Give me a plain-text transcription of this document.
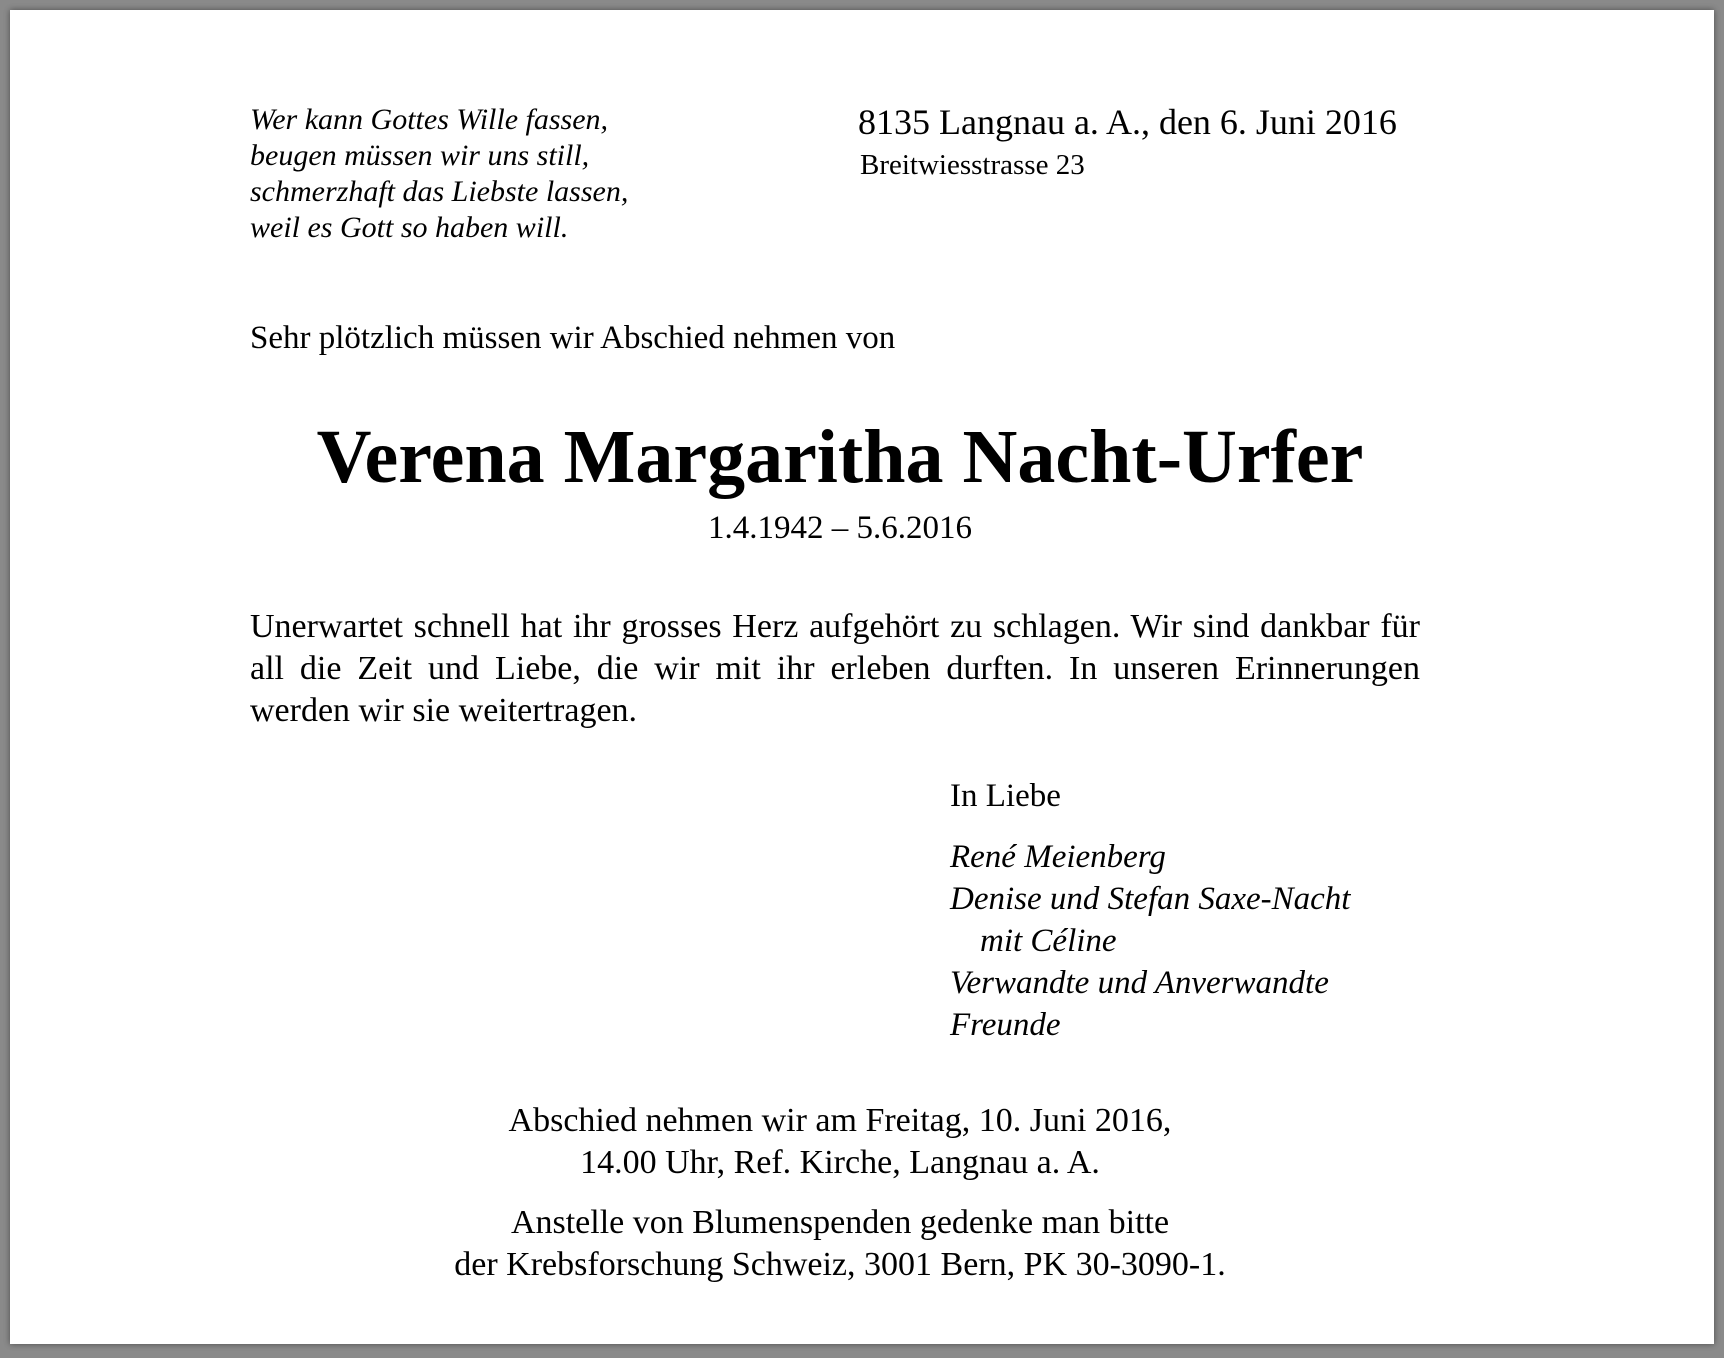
Wer kann Gottes Wille fassen,
beugen müssen wir uns still,
schmerzhaft das Liebste lassen,
weil es Gott so haben will.
8135 Langnau a. A., den 6. Juni 2016
Breitwiesstrasse 23
Sehr plötzlich müssen wir Abschied nehmen von
Verena Margaritha Nacht-Urfer
1.4.1942 – 5.6.2016
Unerwartet schnell hat ihr grosses Herz aufgehört zu schlagen. Wir sind dankbar für all die Zeit und Liebe, die wir mit ihr erleben durften. In unseren Erinnerungen werden wir sie weitertragen.
In Liebe
René Meienberg
Denise und Stefan Saxe-Nacht
mit Céline
Verwandte und Anverwandte
Freunde
Abschied nehmen wir am Freitag, 10. Juni 2016,
14.00 Uhr, Ref. Kirche, Langnau a. A.
Anstelle von Blumenspenden gedenke man bitte
der Krebsforschung Schweiz, 3001 Bern, PK 30-3090-1.
